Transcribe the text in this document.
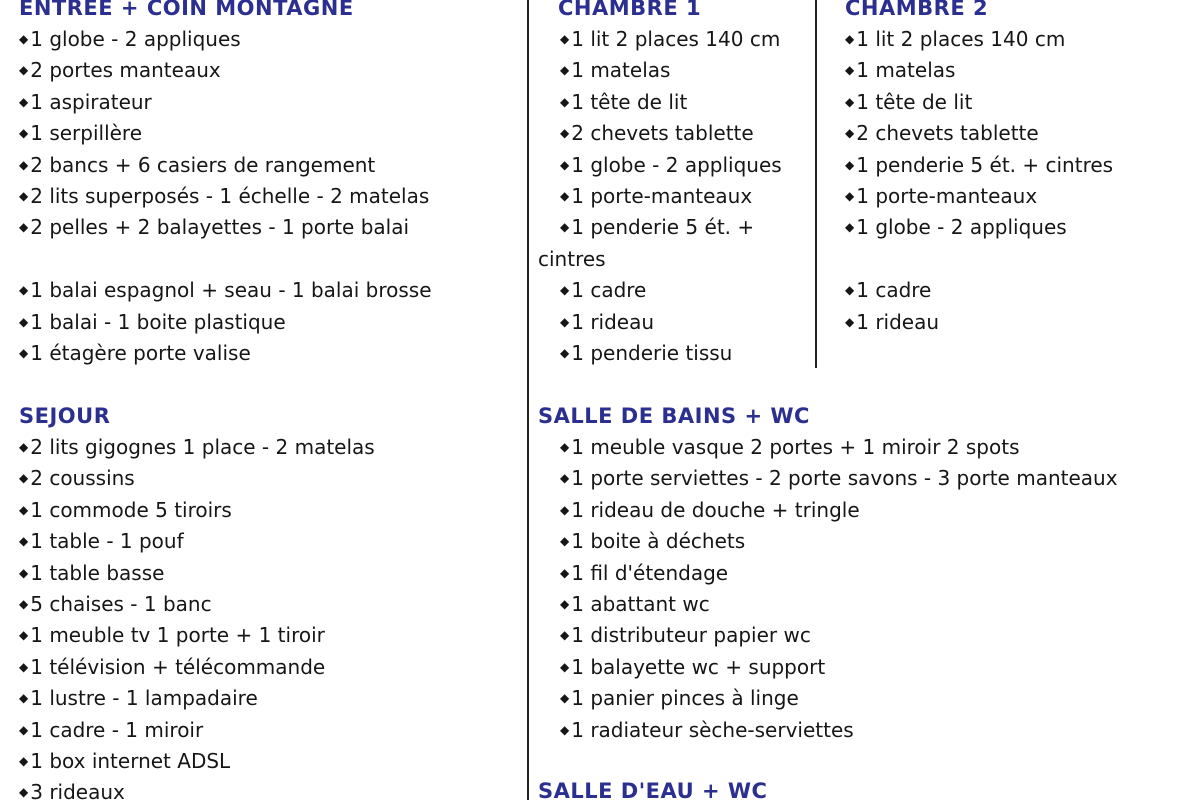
ENTREE + COIN MONTAGNE
◆ 1 globe - 2 appliques
◆ 2 portes manteaux
◆ 1 aspirateur
◆ 1 serpillère
◆ 2 bancs + 6 casiers de rangement
◆ 2 lits superposés - 1 échelle - 2 matelas
◆ 2 pelles + 2 balayettes - 1 porte balai
◆ 1 balai espagnol + seau - 1 balai brosse
◆ 1 balai - 1 boite plastique
◆ 1 étagère porte valise
SEJOUR
◆ 2 lits gigognes 1 place - 2 matelas
◆ 2 coussins
◆ 1 commode 5 tiroirs
◆ 1 table - 1 pouf
◆ 1 table basse
◆ 5 chaises - 1 banc
◆ 1 meuble tv 1 porte + 1 tiroir
◆ 1 télévision + télécommande
◆ 1 lustre - 1 lampadaire
◆ 1 cadre - 1 miroir
◆ 1 box internet ADSL
◆ 3 rideaux
CHAMBRE 1
◆ 1 lit 2 places 140 cm
◆ 1 matelas
◆ 1 tête de lit
◆ 2 chevets tablette
◆ 1 globe - 2 appliques
◆ 1 porte-manteaux
◆ 1 penderie 5 ét. +
cintres
◆ 1 cadre
◆ 1 rideau
◆ 1 penderie tissu
CHAMBRE 2
◆ 1 lit 2 places 140 cm
◆ 1 matelas
◆ 1 tête de lit
◆ 2 chevets tablette
◆ 1 penderie 5 ét. + cintres
◆ 1 porte-manteaux
◆ 1 globe - 2 appliques
◆ 1 cadre
◆ 1 rideau
SALLE DE BAINS + WC
◆ 1 meuble vasque 2 portes + 1 miroir 2 spots
◆ 1 porte serviettes - 2 porte savons - 3 porte manteaux
◆ 1 rideau de douche + tringle
◆ 1 boite à déchets
◆ 1 fil d'étendage
◆ 1 abattant wc
◆ 1 distributeur papier wc
◆ 1 balayette wc + support
◆ 1 panier pinces à linge
◆ 1 radiateur sèche-serviettes
SALLE D'EAU + WC
